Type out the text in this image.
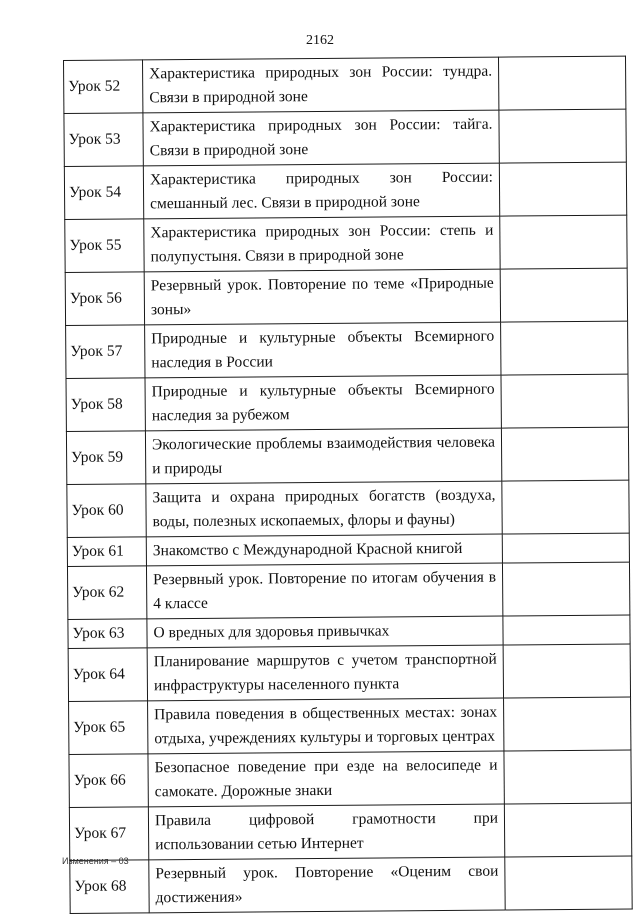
2162
Урок 52	Характеристика природных зон России: тундра. Связи в природной зоне	
Урок 53	Характеристика природных зон России: тайга. Связи в природной зоне	
Урок 54	Характеристика природных зон России: смешанный лес. Связи в природной зоне	
Урок 55	Характеристика природных зон России: степь и полупустыня. Связи в природной зоне	
Урок 56	Резервный урок. Повторение по теме «Природные зоны»	
Урок 57	Природные и культурные объекты Всемирного наследия в России	
Урок 58	Природные и культурные объекты Всемирного наследия за рубежом	
Урок 59	Экологические проблемы взаимодействия человека и природы	
Урок 60	Защита и охрана природных богатств (воздуха, воды, полезных ископаемых, флоры и фауны)	
Урок 61	Знакомство с Международной Красной книгой	
Урок 62	Резервный урок. Повторение по итогам обучения в 4 классе	
Урок 63	О вредных для здоровья привычках	
Урок 64	Планирование маршрутов с учетом транспортной инфраструктуры населенного пункта	
Урок 65	Правила поведения в общественных местах: зонах отдыха, учреждениях культуры и торговых центрах	
Урок 66	Безопасное поведение при езде на велосипеде и самокате. Дорожные знаки	
Урок 67	Правила цифровой грамотности при использовании сетью Интернет	
Урок 68	Резервный урок. Повторение «Оценим свои достижения»	
Изменения – 03
